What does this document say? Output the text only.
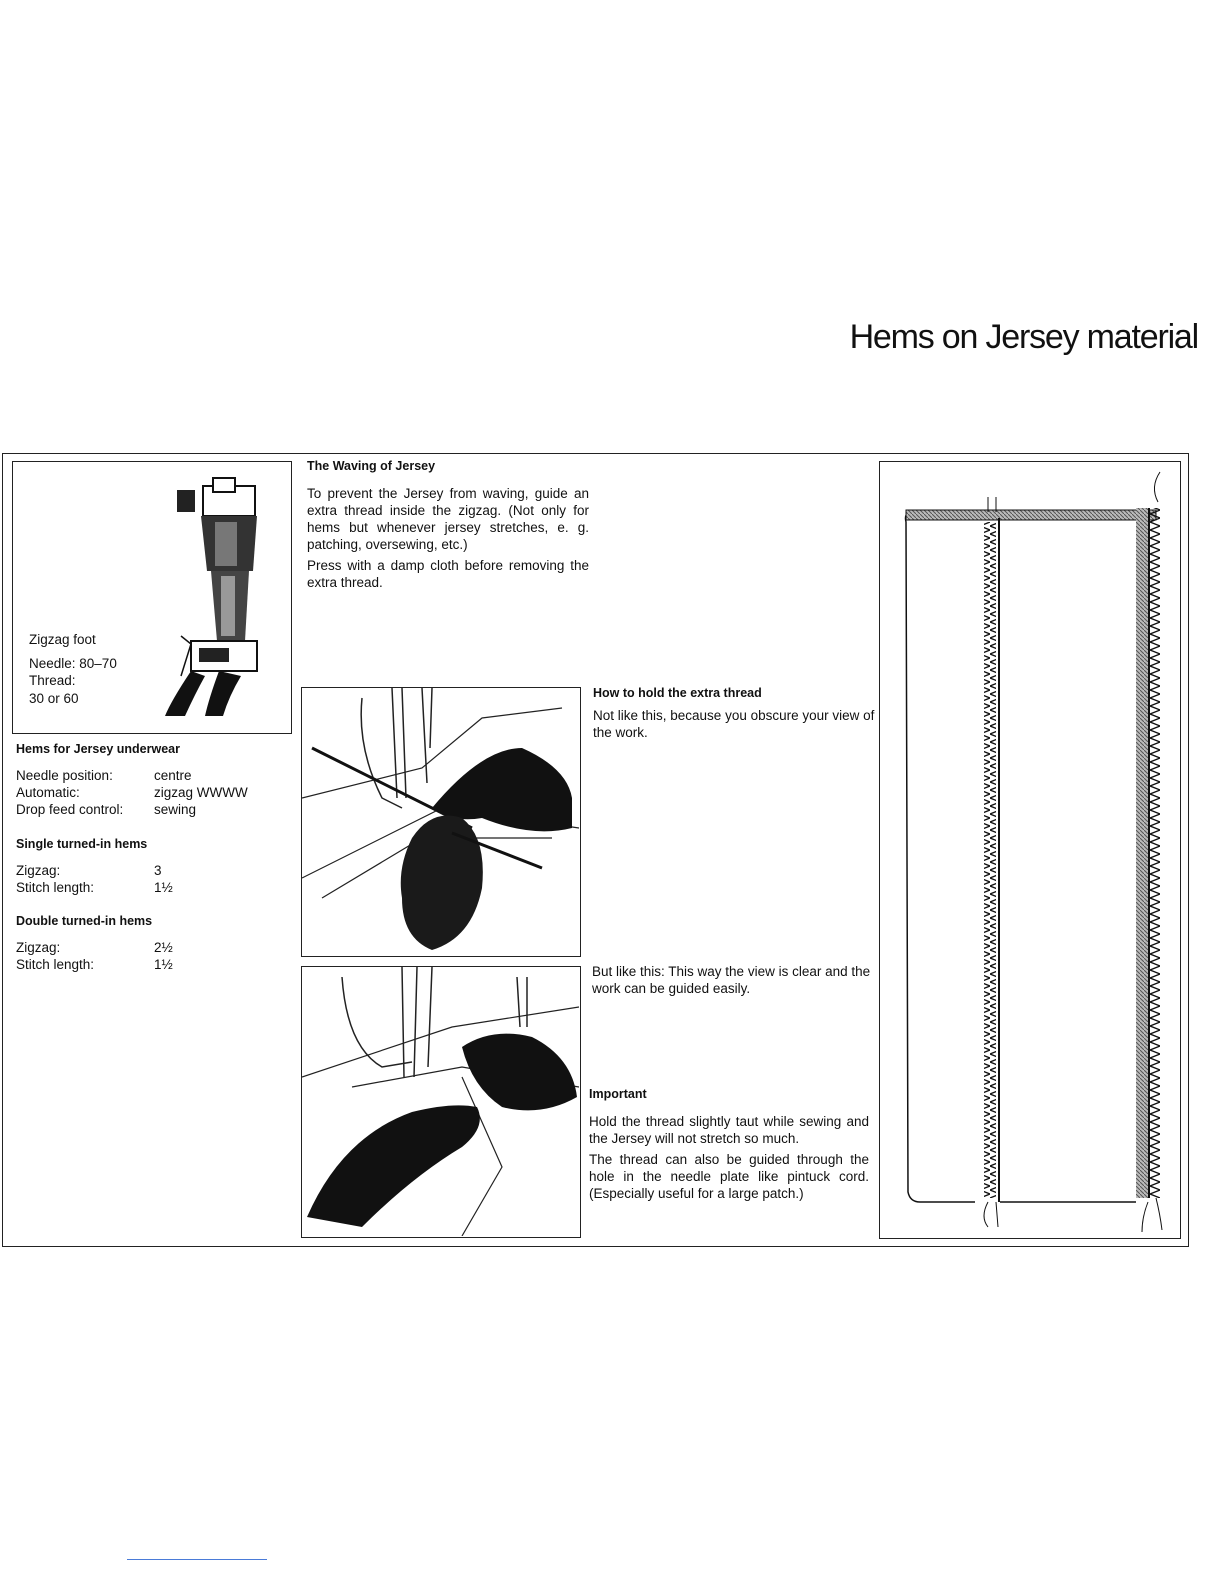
Hems on Jersey material
Zigzag foot
Needle: 80–70
Thread:
30 or 60
Hems for Jersey underwear
Needle position:	centre
Automatic:	zigzag WWWW
Drop feed control:	sewing
Single turned-in hems
Zigzag:	3
Stitch length:	1½
Double turned-in hems
Zigzag:	2½
Stitch length:	1½
The Waving of Jersey

To prevent the Jersey from waving, guide an extra thread inside the zigzag. (Not only for hems but whenever jersey stretches, e. g. patching, oversewing, etc.)

Press with a damp cloth before removing the extra thread.

How to hold the extra thread

Not like this, because you obscure your view of the work.

But like this: This way the view is clear and the work can be guided easily.

Important

Hold the thread slightly taut while sewing and the Jersey will not stretch so much.

The thread can also be guided through the hole in the needle plate like pintuck cord. (Especially useful for a large patch.)
